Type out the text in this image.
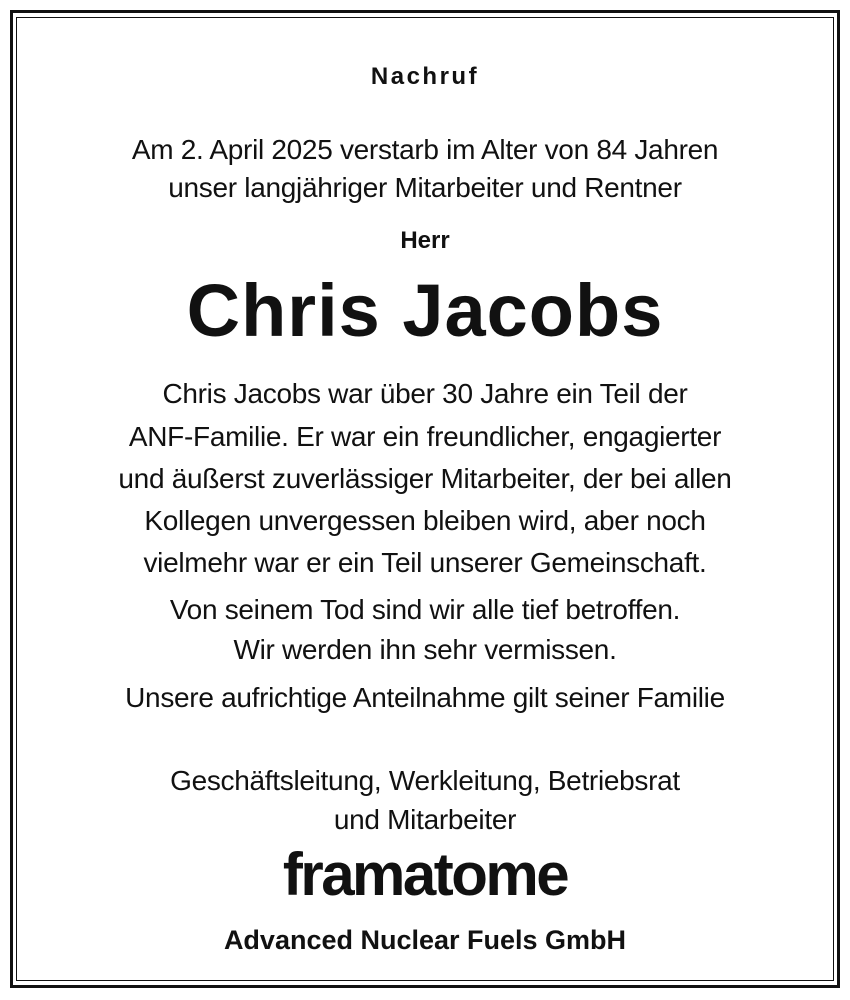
Nachruf

Am 2. April 2025 verstarb im Alter von 84 Jahren

unser langjähriger Mitarbeiter und Rentner

Herr

Chris Jacobs

Chris Jacobs war über 30 Jahre ein Teil der

ANF-Familie. Er war ein freundlicher, engagierter

und äußerst zuverlässiger Mitarbeiter, der bei allen

Kollegen unvergessen bleiben wird, aber noch

vielmehr war er ein Teil unserer Gemeinschaft.

Von seinem Tod sind wir alle tief betroffen.

Wir werden ihn sehr vermissen.

Unsere aufrichtige Anteilnahme gilt seiner Familie

Geschäftsleitung, Werkleitung, Betriebsrat

und Mitarbeiter

framatome

Advanced Nuclear Fuels GmbH
